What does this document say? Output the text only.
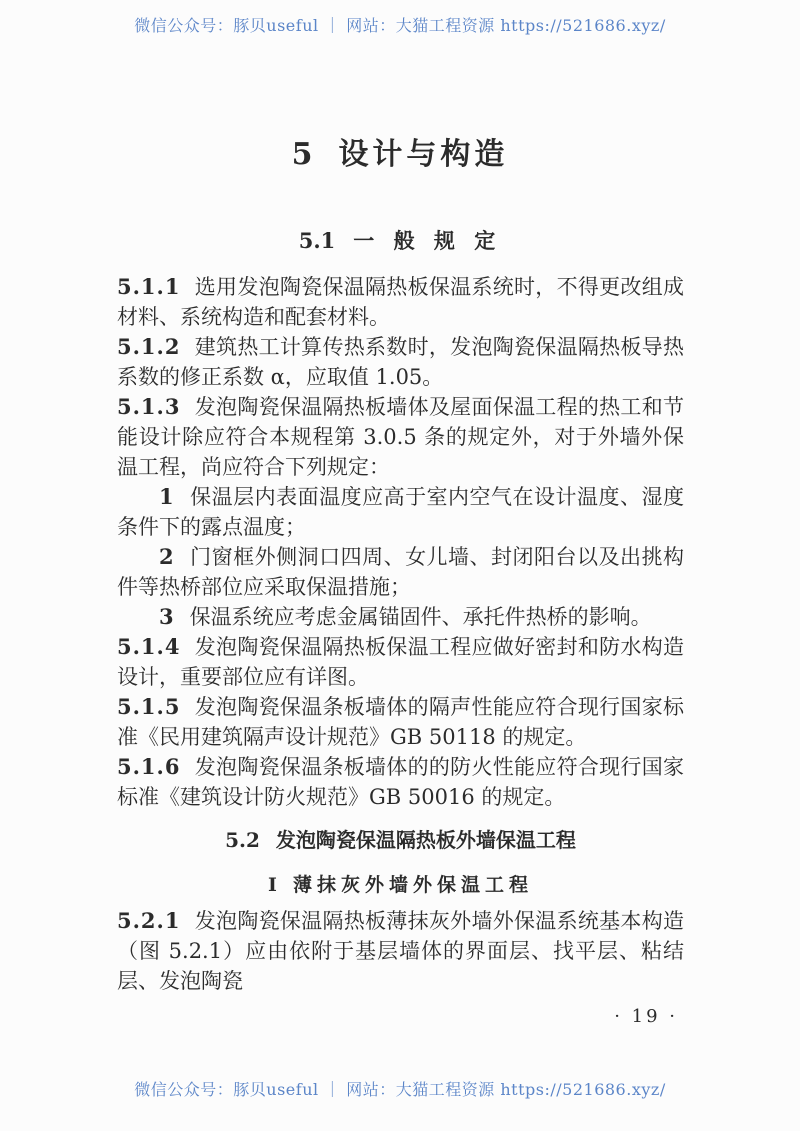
微信公众号：豚贝useful ｜ 网站：大猫工程资源 https://521686.xyz/
5 设计与构造
5.1 一 般 规 定

5.1.1 选用发泡陶瓷保温隔热板保温系统时，不得更改组成材料、系统构造和配套材料。

5.1.2 建筑热工计算传热系数时，发泡陶瓷保温隔热板导热系数的修正系数 α，应取值 1.05。

5.1.3 发泡陶瓷保温隔热板墙体及屋面保温工程的热工和节能设计除应符合本规程第 3.0.5 条的规定外，对于外墙外保温工程，尚应符合下列规定：

1 保温层内表面温度应高于室内空气在设计温度、湿度条件下的露点温度；

2 门窗框外侧洞口四周、女儿墙、封闭阳台以及出挑构件等热桥部位应采取保温措施；

3 保温系统应考虑金属锚固件、承托件热桥的影响。

5.1.4 发泡陶瓷保温隔热板保温工程应做好密封和防水构造设计，重要部位应有详图。

5.1.5 发泡陶瓷保温条板墙体的隔声性能应符合现行国家标准《民用建筑隔声设计规范》GB 50118 的规定。

5.1.6 发泡陶瓷保温条板墙体的的防火性能应符合现行国家标准《建筑设计防火规范》GB 50016 的规定。

5.2 发泡陶瓷保温隔热板外墙保温工程
Ⅰ 薄抹灰外墙外保温工程

5.2.1 发泡陶瓷保温隔热板薄抹灰外墙外保温系统基本构造（图 5.2.1）应由依附于基层墙体的界面层、找平层、粘结层、发泡陶瓷

· 19 ·
微信公众号：豚贝useful ｜ 网站：大猫工程资源 https://521686.xyz/
